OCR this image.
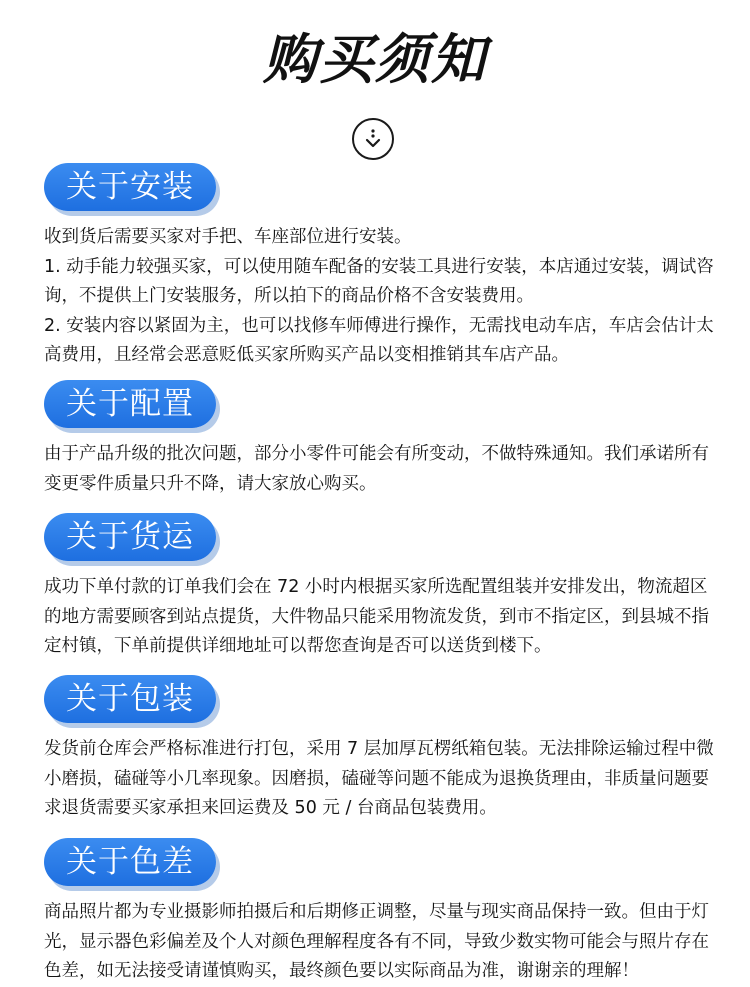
购买须知
关于安装

收到货后需要买家对手把、车座部位进行安装。

1. 动手能力较强买家，可以使用随车配备的安装工具进行安装，本店通过安装，调试咨询，不提供上门安装服务，所以拍下的商品价格不含安装费用。

2. 安装内容以紧固为主，也可以找修车师傅进行操作，无需找电动车店，车店会估计太高费用，且经常会恶意贬低买家所购买产品以变相推销其车店产品。

关于配置

由于产品升级的批次问题，部分小零件可能会有所变动，不做特殊通知。我们承诺所有变更零件质量只升不降，请大家放心购买。

关于货运

成功下单付款的订单我们会在 72 小时内根据买家所选配置组装并安排发出，物流超区的地方需要顾客到站点提货，大件物品只能采用物流发货，到市不指定区，到县城不指定村镇，下单前提供详细地址可以帮您查询是否可以送货到楼下。

关于包装

发货前仓库会严格标准进行打包，采用 7 层加厚瓦楞纸箱包装。无法排除运输过程中微小磨损，磕碰等小几率现象。因磨损，磕碰等问题不能成为退换货理由，非质量问题要求退货需要买家承担来回运费及 50 元 / 台商品包装费用。

关于色差

商品照片都为专业摄影师拍摄后和后期修正调整，尽量与现实商品保持一致。但由于灯光，显示器色彩偏差及个人对颜色理解程度各有不同，导致少数实物可能会与照片存在色差，如无法接受请谨慎购买，最终颜色要以实际商品为准，谢谢亲的理解！
